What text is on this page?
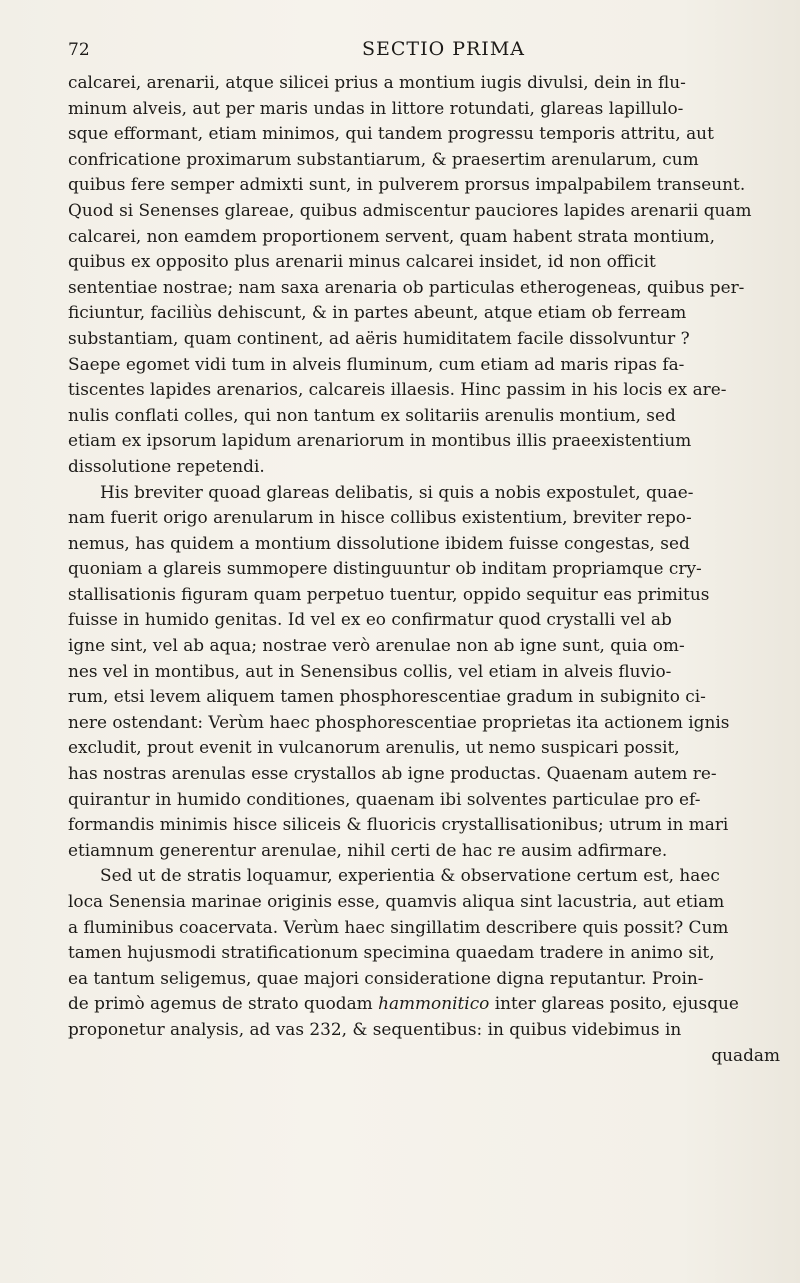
72	SECTIO PRIMA

calcarei, arenarii, atque silicei prius a montium iugis divulsi, dein in flu-
minum alveis, aut per maris undas in littore rotundati, glareas lapillulo-
sque efformant, etiam minimos, qui tandem progressu temporis attritu, aut
confricatione proximarum substantiarum, & praesertim arenularum, cum
quibus fere semper admixti sunt, in pulverem prorsus impalpabilem transeunt.
Quod si Senenses glareae, quibus admiscentur pauciores lapides arenarii quam
calcarei, non eamdem proportionem servent, quam habent strata montium,
quibus ex opposito plus arenarii minus calcarei insidet, id non officit
sententiae nostrae; nam saxa arenaria ob particulas etherogeneas, quibus per-
ficiuntur, faciliùs dehiscunt, & in partes abeunt, atque etiam ob ferream
substantiam, quam continent, ad aëris humiditatem facile dissolvuntur ?
Saepe egomet vidi tum in alveis fluminum, cum etiam ad maris ripas fa-
tiscentes lapides arenarios, calcareis illaesis. Hinc passim in his locis ex are-
nulis conflati colles, qui non tantum ex solitariis arenulis montium, sed
etiam ex ipsorum lapidum arenariorum in montibus illis praeexistentium
dissolutione repetendi.

His breviter quoad glareas delibatis, si quis a nobis expostulet, quae-
nam fuerit origo arenularum in hisce collibus existentium, breviter repo-
nemus, has quidem a montium dissolutione ibidem fuisse congestas, sed
quoniam a glareis summopere distinguuntur ob inditam propriamque cry-
stallisationis figuram quam perpetuo tuentur, oppido sequitur eas primitus
fuisse in humido genitas. Id vel ex eo confirmatur quod crystalli vel ab
igne sint, vel ab aqua; nostrae verò arenulae non ab igne sunt, quia om-
nes vel in montibus, aut in Senensibus collis, vel etiam in alveis fluvio-
rum, etsi levem aliquem tamen phosphorescentiae gradum in subignito ci-
nere ostendant: Verùm haec phosphorescentiae proprietas ita actionem ignis
excludit, prout evenit in vulcanorum arenulis, ut nemo suspicari possit,
has nostras arenulas esse crystallos ab igne productas. Quaenam autem re-
quirantur in humido conditiones, quaenam ibi solventes particulae pro ef-
formandis minimis hisce siliceis & fluoricis crystallisationibus; utrum in mari
etiamnum generentur arenulae, nihil certi de hac re ausim adfirmare.

Sed ut de stratis loquamur, experientia & observatione certum est, haec
loca Senensia marinae originis esse, quamvis aliqua sint lacustria, aut etiam
a fluminibus coacervata. Verùm haec singillatim describere quis possit? Cum
tamen hujusmodi stratificationum specimina quaedam tradere in animo sit,
ea tantum seligemus, quae majori consideratione digna reputantur. Proin-
de primò agemus de strato quodam hammonitico inter glareas posito, ejusque
proponetur analysis, ad vas 232, & sequentibus: in quibus videbimus in
quadam
